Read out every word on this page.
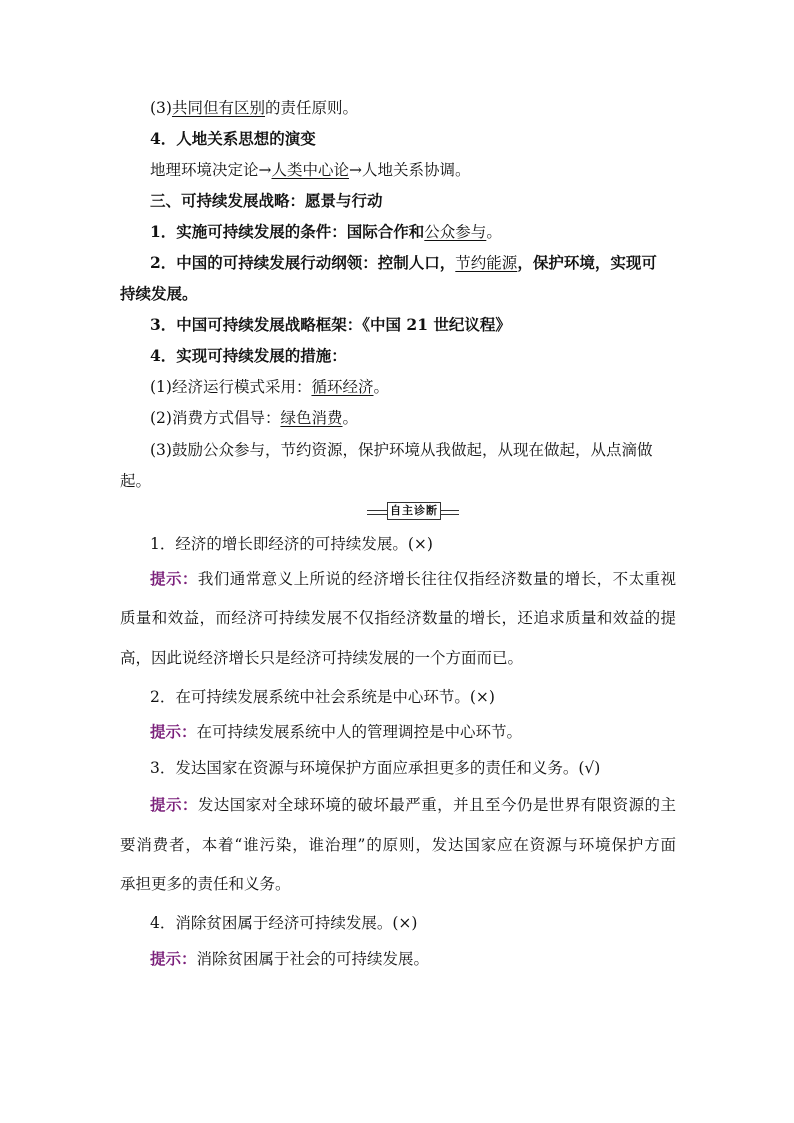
(3)共同但有区别的责任原则。
4．人地关系思想的演变
地理环境决定论→人类中心论→人地关系协调。
三、可持续发展战略：愿景与行动
1．实施可持续发展的条件：国际合作和公众参与。
2．中国的可持续发展行动纲领：控制人口，节约能源，保护环境，实现可
持续发展。
3．中国可持续发展战略框架：《中国 21 世纪议程》
4．实现可持续发展的措施：
(1)经济运行模式采用：循环经济。
(2)消费方式倡导：绿色消费。
(3)鼓励公众参与，节约资源，保护环境从我做起，从现在做起，从点滴做
起。
自主诊断
1．经济的增长即经济的可持续发展。(×)
提示：我们通常意义上所说的经济增长往往仅指经济数量的增长，不太重视
质量和效益，而经济可持续发展不仅指经济数量的增长，还追求质量和效益的提
高，因此说经济增长只是经济可持续发展的一个方面而已。
2．在可持续发展系统中社会系统是中心环节。(×)
提示：在可持续发展系统中人的管理调控是中心环节。
3．发达国家在资源与环境保护方面应承担更多的责任和义务。(√)
提示：发达国家对全球环境的破坏最严重，并且至今仍是世界有限资源的主
要消费者，本着“谁污染，谁治理”的原则，发达国家应在资源与环境保护方面
承担更多的责任和义务。
4．消除贫困属于经济可持续发展。(×)
提示：消除贫困属于社会的可持续发展。
